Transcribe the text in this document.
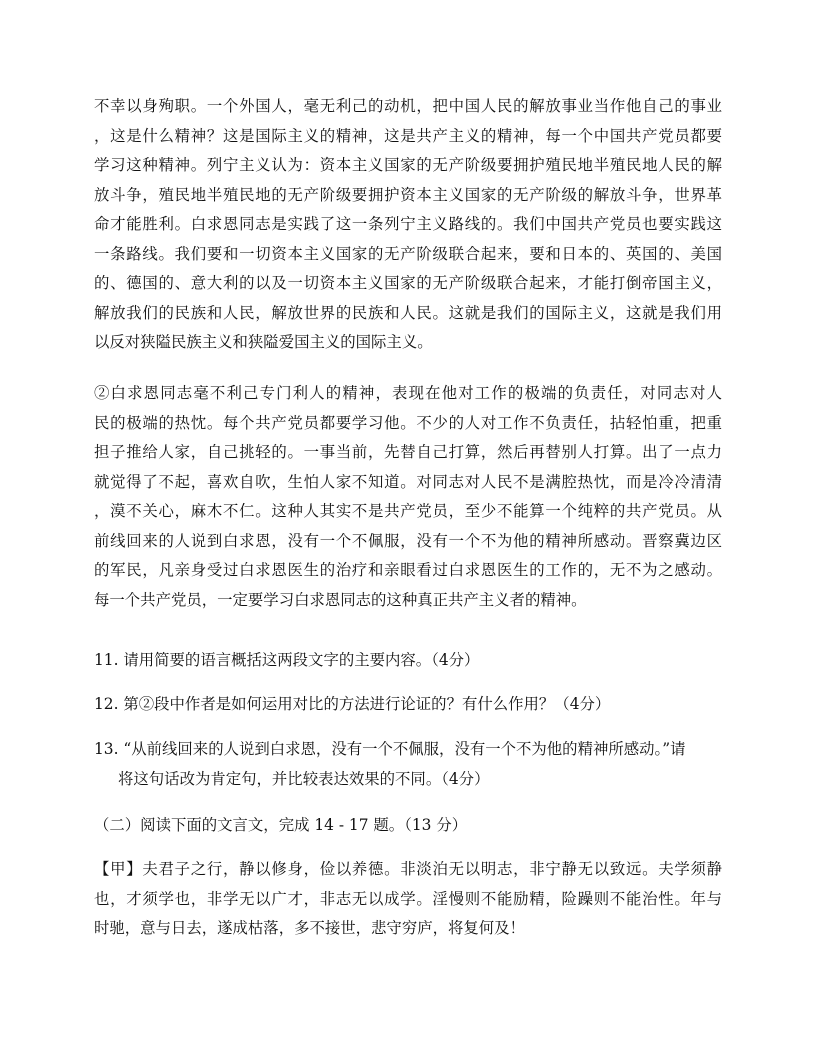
不幸以身殉职。一个外国人，毫无利己的动机，把中国人民的解放事业当作他自己的事业
，这是什么精神？这是国际主义的精神，这是共产主义的精神，每一个中国共产党员都要
学习这种精神。列宁主义认为：资本主义国家的无产阶级要拥护殖民地半殖民地人民的解
放斗争，殖民地半殖民地的无产阶级要拥护资本主义国家的无产阶级的解放斗争，世界革
命才能胜利。白求恩同志是实践了这一条列宁主义路线的。我们中国共产党员也要实践这
一条路线。我们要和一切资本主义国家的无产阶级联合起来，要和日本的、英国的、美国
的、德国的、意大利的以及一切资本主义国家的无产阶级联合起来，才能打倒帝国主义，
解放我们的民族和人民，解放世界的民族和人民。这就是我们的国际主义，这就是我们用
以反对狭隘民族主义和狭隘爱国主义的国际主义。
②白求恩同志毫不利己专门利人的精神，表现在他对工作的极端的负责任，对同志对人
民的极端的热忱。每个共产党员都要学习他。不少的人对工作不负责任，拈轻怕重，把重
担子推给人家，自己挑轻的。一事当前，先替自己打算，然后再替别人打算。出了一点力
就觉得了不起，喜欢自吹，生怕人家不知道。对同志对人民不是满腔热忱，而是冷冷清清
，漠不关心，麻木不仁。这种人其实不是共产党员，至少不能算一个纯粹的共产党员。从
前线回来的人说到白求恩，没有一个不佩服，没有一个不为他的精神所感动。晋察冀边区
的军民，凡亲身受过白求恩医生的治疗和亲眼看过白求恩医生的工作的，无不为之感动。
每一个共产党员，一定要学习白求恩同志的这种真正共产主义者的精神。
11. 请用简要的语言概括这两段文字的主要内容。（4分）
12. 第②段中作者是如何运用对比的方法进行论证的？有什么作用？（4分）
13. “从前线回来的人说到白求恩，没有一个不佩服，没有一个不为他的精神所感动。”请
将这句话改为肯定句，并比较表达效果的不同。（4分）
（二）阅读下面的文言文，完成 14 - 17 题。（13 分）
【甲】夫君子之行，静以修身，俭以养德。非淡泊无以明志，非宁静无以致远。夫学须静
也，才须学也，非学无以广才，非志无以成学。淫慢则不能励精，险躁则不能治性。年与
时驰，意与日去，遂成枯落，多不接世，悲守穷庐，将复何及！
